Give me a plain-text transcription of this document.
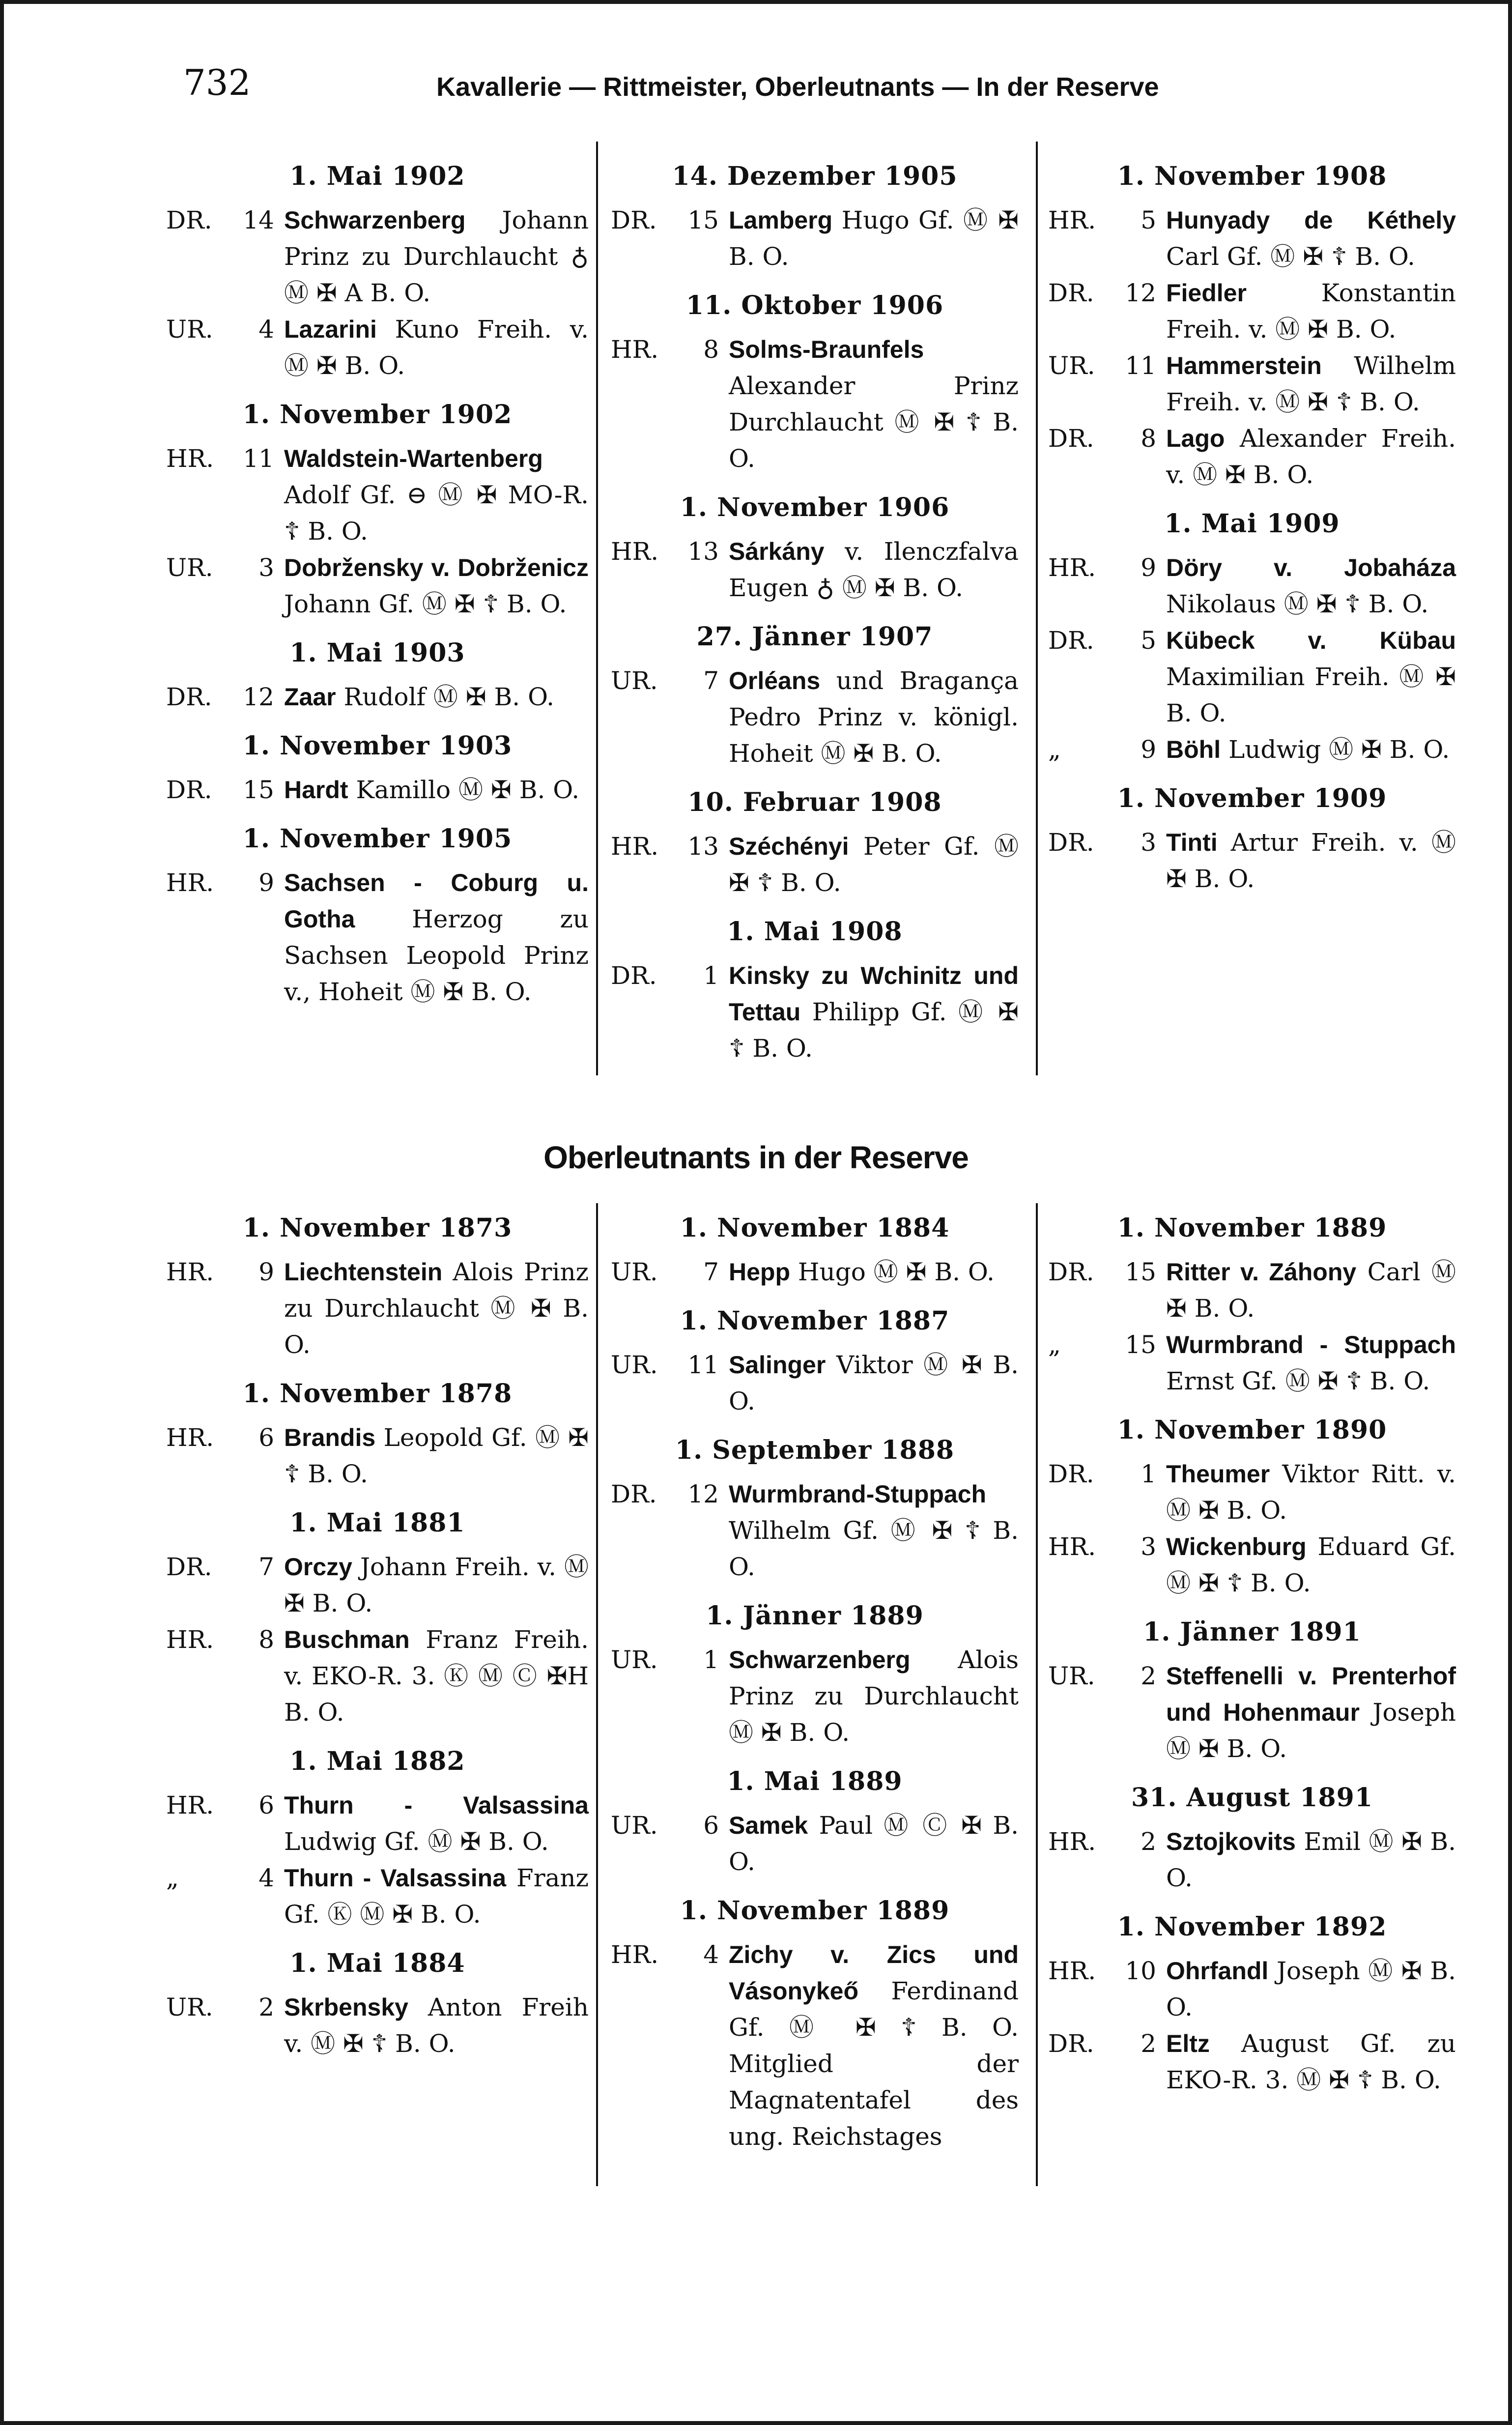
732	Kavallerie — Rittmeister, Oberleutnants — In der Reserve
1. Mai 1902
DR.	14 Schwarzenberg Johann Prinz zu Durchlaucht ♁ Ⓜ ✠ A B. O.
UR.	4 Lazarini Kuno Freih. v. Ⓜ ✠ B. O.
1. November 1902
HR.	11 Waldstein-Wartenberg Adolf Gf. ⊖ Ⓜ ✠ MO-R. ☦ B. O.
UR.	3 Dobržensky v. Dobrženicz Johann Gf. Ⓜ ✠ ☦ B. O.
1. Mai 1903
DR.	12 Zaar Rudolf Ⓜ ✠ B. O.
1. November 1903
DR.	15 Hardt Kamillo Ⓜ ✠ B. O.
1. November 1905
HR.	9 Sachsen - Coburg u. Gotha Herzog zu Sachsen Leopold Prinz v., Hoheit Ⓜ ✠ B. O.
14. Dezember 1905
DR.	15 Lamberg Hugo Gf. Ⓜ ✠ B. O.
11. Oktober 1906
HR.	8 Solms-Braunfels Alexander Prinz Durchlaucht Ⓜ ✠ ☦ B. O.
1. November 1906
HR.	13 Sárkány v. Ilenczfalva Eugen ♁ Ⓜ ✠ B. O.
27. Jänner 1907
UR.	7 Orléans und Bragança Pedro Prinz v. königl. Hoheit Ⓜ ✠ B. O.
10. Februar 1908
HR.	13 Széchényi Peter Gf. Ⓜ ✠ ☦ B. O.
1. Mai 1908
DR.	1 Kinsky zu Wchinitz und Tettau Philipp Gf. Ⓜ ✠ ☦ B. O.
1. November 1908
HR.	5 Hunyady de Kéthely Carl Gf. Ⓜ ✠ ☦ B. O.
DR.	12 Fiedler	Konstantin Freih. v. Ⓜ ✠ B. O.
UR.	11 Hammerstein Wilhelm Freih. v. Ⓜ ✠ ☦ B. O.
DR.	8 Lago Alexander Freih. v. Ⓜ ✠ B. O.
1. Mai 1909
HR.	9 Döry v. Jobaháza Nikolaus Ⓜ ✠ ☦ B. O.
DR.	5 Kübeck v. Kübau Maximilian Freih. Ⓜ ✠ B. O.
„	9 Böhl Ludwig Ⓜ ✠ B. O.
1. November 1909
DR.	3 Tinti Artur Freih. v. Ⓜ ✠ B. O.
Oberleutnants in der Reserve
1. November 1873
HR.	9 Liechtenstein Alois Prinz zu Durchlaucht Ⓜ ✠ B. O.
1. November 1878
HR.	6 Brandis Leopold Gf. Ⓜ ✠ ☦ B. O.
1. Mai 1881
DR.	7 Orczy Johann Freih. v. Ⓜ ✠ B. O.
HR.	8 Buschman Franz Freih. v. EKO-R. 3. Ⓚ Ⓜ Ⓒ ✠H B. O.
1. Mai 1882
HR.	6 Thurn - Valsassina Ludwig Gf. Ⓜ ✠ B. O.
„	4 Thurn - Valsassina Franz Gf. Ⓚ Ⓜ ✠ B. O.
1. Mai 1884
UR.	2 Skrbensky Anton Freih v. Ⓜ ✠ ☦ B. O.
1. November 1884
UR.	7 Hepp Hugo Ⓜ ✠ B. O.
1. November 1887
UR.	11 Salinger Viktor Ⓜ ✠ B. O.
1. September 1888
DR.	12 Wurmbrand-Stuppach Wilhelm Gf. Ⓜ ✠ ☦ B. O.
1. Jänner 1889
UR.	1 Schwarzenberg Alois Prinz zu Durchlaucht Ⓜ ✠ B. O.
1. Mai 1889
UR.	6 Samek Paul Ⓜ Ⓒ ✠ B. O.
1. November 1889
HR.	4 Zichy v. Zics und Vásonykeő Ferdinand Gf. Ⓜ ✠ ☦ B. O. Mitglied der Magnatentafel des ung. Reichstages
1. November 1889
DR.	15 Ritter v. Záhony Carl Ⓜ ✠ B. O.
„	15 Wurmbrand - Stuppach Ernst Gf. Ⓜ ✠ ☦ B. O.
1. November 1890
DR.	1 Theumer Viktor Ritt. v. Ⓜ ✠ B. O.
HR.	3 Wickenburg Eduard Gf. Ⓜ ✠ ☦ B. O.
1. Jänner 1891
UR.	2 Steffenelli v. Prenterhof und Hohenmaur Joseph Ⓜ ✠ B. O.
31. August 1891
HR.	2 Sztojkovits Emil Ⓜ ✠ B. O.
1. November 1892
HR.	10 Ohrfandl Joseph Ⓜ ✠ B. O.
DR.	2 Eltz August Gf. zu EKO-R. 3. Ⓜ ✠ ☦ B. O.
